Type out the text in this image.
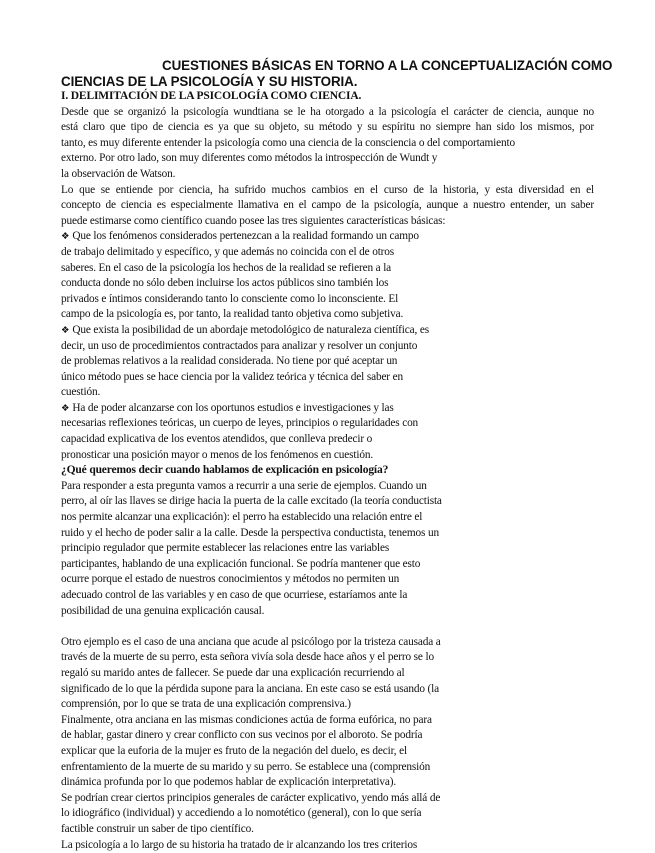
CUESTIONES BÁSICAS EN TORNO A LA CONCEPTUALIZACIÓN COMO
CIENCIAS DE LA PSICOLOGÍA Y SU HISTORIA.
I. DELIMITACIÓN DE LA PSICOLOGÍA COMO CIENCIA.
Desde que se organizó la psicología wundtiana se le ha otorgado a la psicología el carácter de ciencia, aunque no
está claro que tipo de ciencia es ya que su objeto, su método y su espíritu no siempre han sido los mismos, por
tanto, es muy diferente entender la psicología como una ciencia de la consciencia o del comportamiento
externo. Por otro lado, son muy diferentes como métodos la introspección de Wundt y
la observación de Watson.
Lo que se entiende por ciencia, ha sufrido muchos cambios en el curso de la historia, y esta diversidad en el
concepto de ciencia es especialmente llamativa en el campo de la psicología, aunque a nuestro entender, un saber
puede estimarse como científico cuando posee las tres siguientes características básicas:
❖ Que los fenómenos considerados pertenezcan a la realidad formando un campo
de trabajo delimitado y específico, y que además no coincida con el de otros
saberes. En el caso de la psicología los hechos de la realidad se refieren a la
conducta donde no sólo deben incluirse los actos públicos sino también los
privados e íntimos considerando tanto lo consciente como lo inconsciente. El
campo de la psicología es, por tanto, la realidad tanto objetiva como subjetiva.
❖ Que exista la posibilidad de un abordaje metodológico de naturaleza científica, es
decir, un uso de procedimientos contractados para analizar y resolver un conjunto
de problemas relativos a la realidad considerada. No tiene por qué aceptar un
único método pues se hace ciencia por la validez teórica y técnica del saber en
cuestión.
❖ Ha de poder alcanzarse con los oportunos estudios e investigaciones y las
necesarias reflexiones teóricas, un cuerpo de leyes, principios o regularidades con
capacidad explicativa de los eventos atendidos, que conlleva predecir o
pronosticar una posición mayor o menos de los fenómenos en cuestión.
¿Qué queremos decir cuando hablamos de explicación en psicología?
Para responder a esta pregunta vamos a recurrir a una serie de ejemplos. Cuando un
perro, al oír las llaves se dirige hacia la puerta de la calle excitado (la teoría conductista
nos permite alcanzar una explicación): el perro ha establecido una relación entre el
ruido y el hecho de poder salir a la calle. Desde la perspectiva conductista, tenemos un
principio regulador que permite establecer las relaciones entre las variables
participantes, hablando de una explicación funcional. Se podría mantener que esto
ocurre porque el estado de nuestros conocimientos y métodos no permiten un
adecuado control de las variables y en caso de que ocurriese, estaríamos ante la
posibilidad de una genuina explicación causal.
Otro ejemplo es el caso de una anciana que acude al psicólogo por la tristeza causada a
través de la muerte de su perro, esta señora vivía sola desde hace años y el perro se lo
regaló su marido antes de fallecer. Se puede dar una explicación recurriendo al
significado de lo que la pérdida supone para la anciana. En este caso se está usando (la
comprensión, por lo que se trata de una explicación comprensiva.)
Finalmente, otra anciana en las mismas condiciones actúa de forma eufórica, no para
de hablar, gastar dinero y crear conflicto con sus vecinos por el alboroto. Se podría
explicar que la euforia de la mujer es fruto de la negación del duelo, es decir, el
enfrentamiento de la muerte de su marido y su perro. Se establece una (comprensión
dinámica profunda por lo que podemos hablar de explicación interpretativa).
Se podrían crear ciertos principios generales de carácter explicativo, yendo más allá de
lo idiográfico (individual) y accediendo a lo nomotético (general), con lo que sería
factible construir un saber de tipo científico.
La psicología a lo largo de su historia ha tratado de ir alcanzando los tres criterios
